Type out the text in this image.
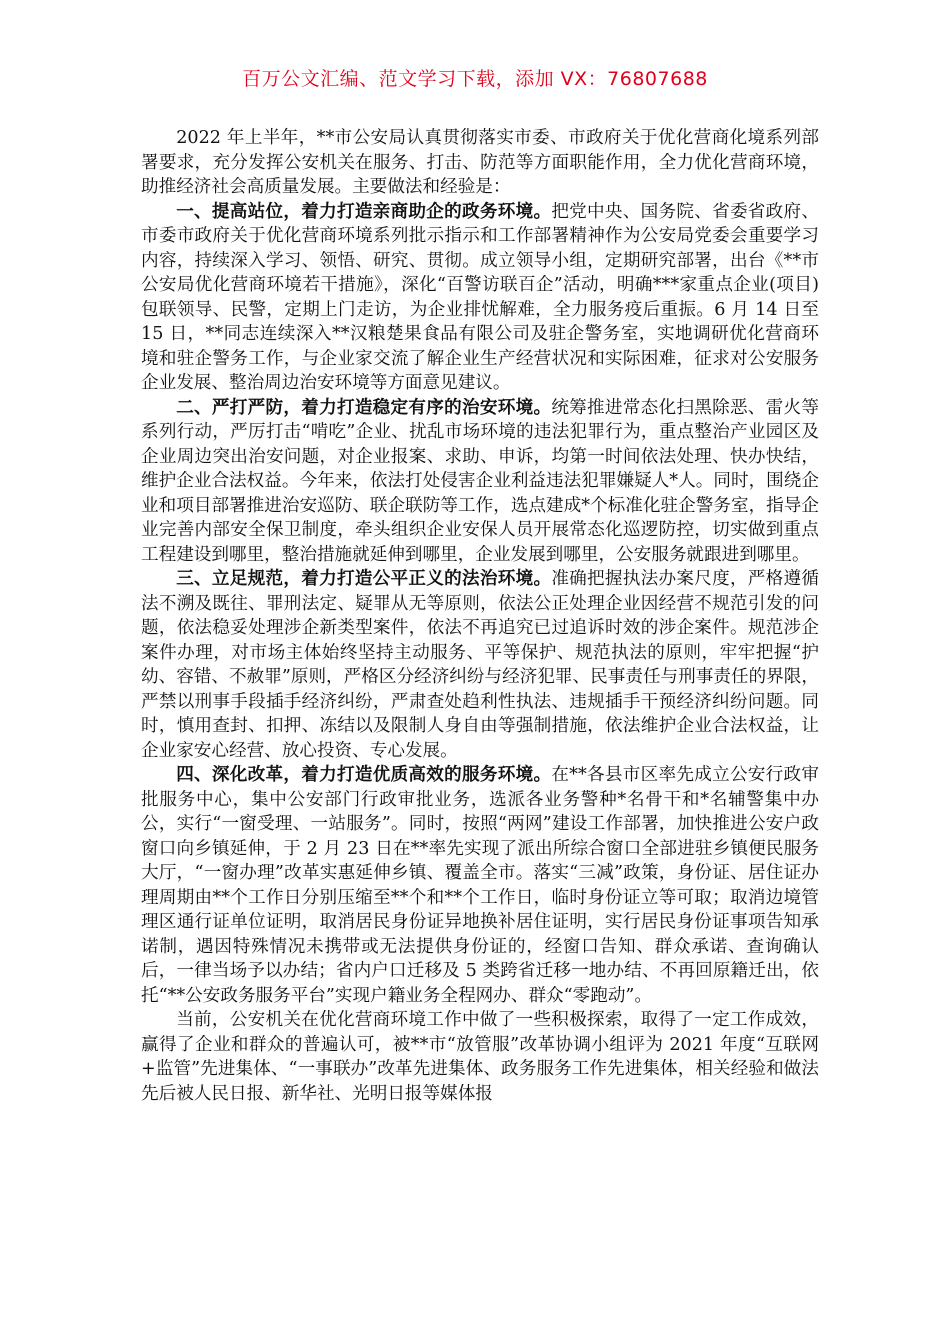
百万公文汇编、范文学习下载，添加 VX：76807688

2022 年上半年，**市公安局认真贯彻落实市委、市政府关于优化营商化境系列部署要求，充分发挥公安机关在服务、打击、防范等方面职能作用，全力优化营商环境，助推经济社会高质量发展。主要做法和经验是：

一、提高站位，着力打造亲商助企的政务环境。把党中央、国务院、省委省政府、市委市政府关于优化营商环境系列批示指示和工作部署精神作为公安局党委会重要学习内容，持续深入学习、领悟、研究、贯彻。成立领导小组，定期研究部署，出台《**市公安局优化营商环境若干措施》，深化“百警访联百企”活动，明确***家重点企业(项目)包联领导、民警，定期上门走访，为企业排忧解难，全力服务疫后重振。6 月 14 日至 15 日，**同志连续深入**汉粮楚果食品有限公司及驻企警务室，实地调研优化营商环境和驻企警务工作，与企业家交流了解企业生产经营状况和实际困难，征求对公安服务企业发展、整治周边治安环境等方面意见建议。

二、严打严防，着力打造稳定有序的治安环境。统筹推进常态化扫黑除恶、雷火等系列行动，严厉打击“啃吃”企业、扰乱市场环境的违法犯罪行为，重点整治产业园区及企业周边突出治安问题，对企业报案、求助、申诉，均第一时间依法处理、快办快结，维护企业合法权益。今年来，依法打处侵害企业利益违法犯罪嫌疑人*人。同时，围绕企业和项目部署推进治安巡防、联企联防等工作，选点建成*个标准化驻企警务室，指导企业完善内部安全保卫制度，牵头组织企业安保人员开展常态化巡逻防控，切实做到重点工程建设到哪里，整治措施就延伸到哪里，企业发展到哪里，公安服务就跟进到哪里。

三、立足规范，着力打造公平正义的法治环境。准确把握执法办案尺度，严格遵循法不溯及既往、罪刑法定、疑罪从无等原则，依法公正处理企业因经营不规范引发的问题，依法稳妥处理涉企新类型案件，依法不再追究已过追诉时效的涉企案件。规范涉企案件办理，对市场主体始终坚持主动服务、平等保护、规范执法的原则，牢牢把握“护幼、容错、不赦罪”原则，严格区分经济纠纷与经济犯罪、民事责任与刑事责任的界限，严禁以刑事手段插手经济纠纷，严肃查处趋利性执法、违规插手干预经济纠纷问题。同时，慎用查封、扣押、冻结以及限制人身自由等强制措施，依法维护企业合法权益，让企业家安心经营、放心投资、专心发展。

四、深化改革，着力打造优质高效的服务环境。在**各县市区率先成立公安行政审批服务中心，集中公安部门行政审批业务，选派各业务警种*名骨干和*名辅警集中办公，实行“一窗受理、一站服务”。同时，按照“两网”建设工作部署，加快推进公安户政窗口向乡镇延伸，于 2 月 23 日在**率先实现了派出所综合窗口全部进驻乡镇便民服务大厅，“一窗办理”改革实惠延伸乡镇、覆盖全市。落实“三减”政策，身份证、居住证办理周期由**个工作日分别压缩至**个和**个工作日，临时身份证立等可取；取消边境管理区通行证单位证明，取消居民身份证异地换补居住证明，实行居民身份证事项告知承诺制，遇因特殊情况未携带或无法提供身份证的，经窗口告知、群众承诺、查询确认后，一律当场予以办结；省内户口迁移及 5 类跨省迁移一地办结、不再回原籍迁出，依托“**公安政务服务平台”实现户籍业务全程网办、群众“零跑动”。

当前，公安机关在优化营商环境工作中做了一些积极探索，取得了一定工作成效，赢得了企业和群众的普遍认可，被**市“放管服”改革协调小组评为 2021 年度“互联网+监管”先进集体、“一事联办”改革先进集体、政务服务工作先进集体，相关经验和做法先后被人民日报、新华社、光明日报等媒体报
